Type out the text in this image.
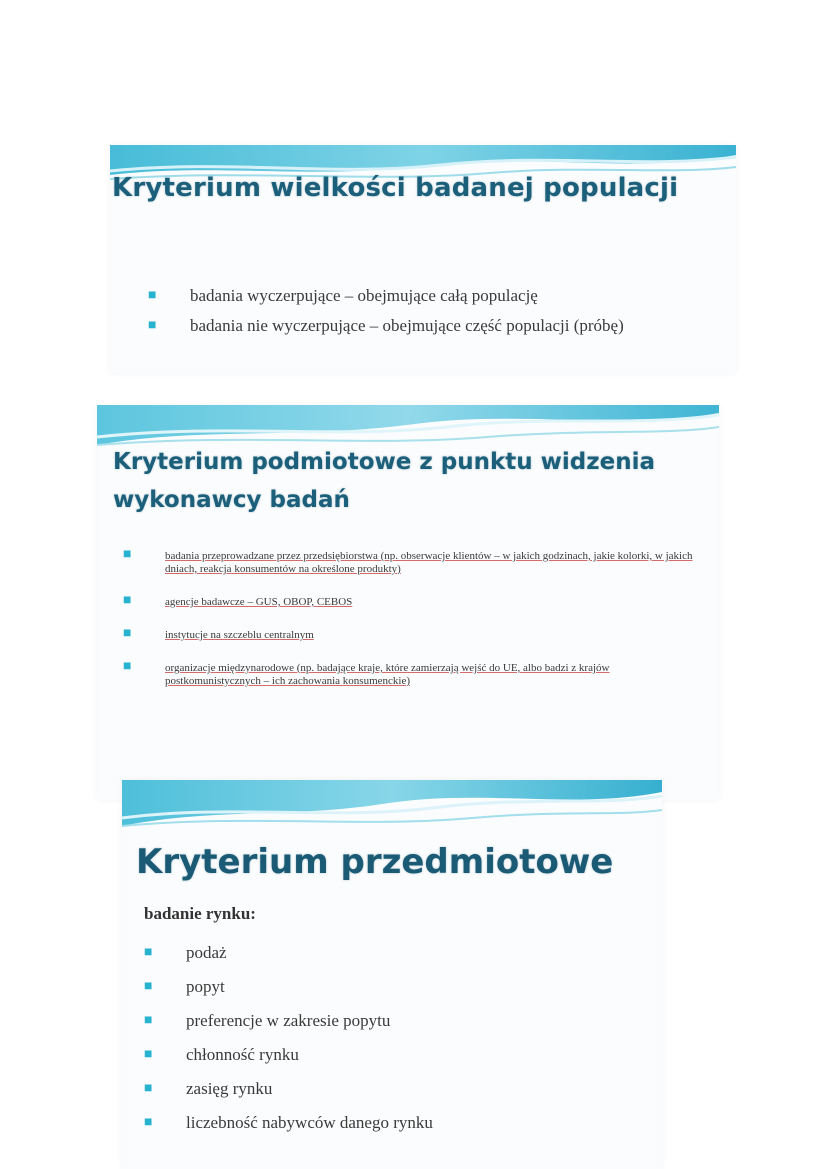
Kryterium wielkości badanej populacji
■ badania wyczerpujące – obejmujące całą populację
■ badania nie wyczerpujące – obejmujące część populacji (próbę)
Kryterium podmiotowe z punktu widzenia wykonawcy badań
■	badania przeprowadzane przez przedsiębiorstwa (np. obserwacje klientów – w jakich godzinach, jakie kolorki, w jakich dniach, reakcja konsumentów na określone produkty)
■	agencje badawcze – GUS, OBOP, CEBOS
■	instytucje na szczeblu centralnym
■	organizacje międzynarodowe (np. badające kraje, które zamierzają wejść do UE, albo badzi z krajów postkomunistycznych – ich zachowania konsumenckie)
Kryterium przedmiotowe

badanie rynku:

■ podaż
■ popyt
■ preferencje w zakresie popytu
■ chłonność rynku
■ zasięg rynku
■ liczebność nabywców danego rynku
